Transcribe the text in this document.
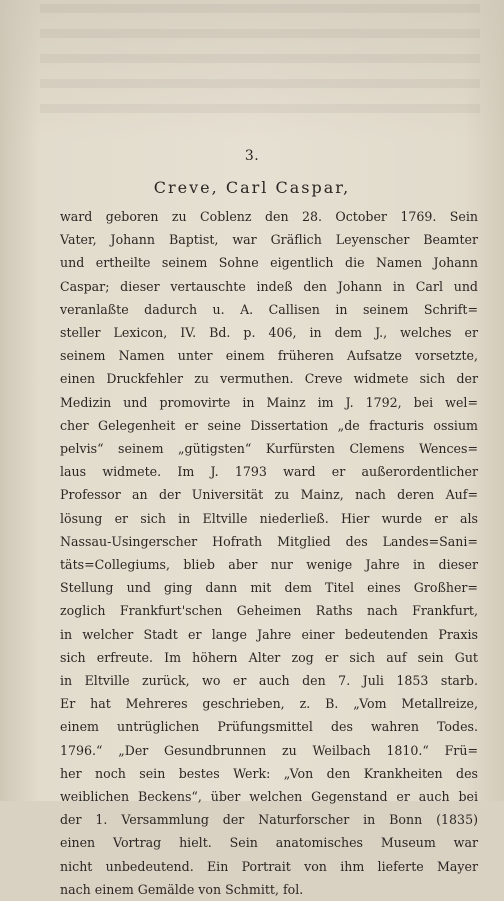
3.
Creve, Carl Caspar,
ward geboren zu Coblenz den 28. October 1769. Sein
Vater, Johann Baptist, war Gräflich Leyenscher Beamter
und ertheilte seinem Sohne eigentlich die Namen Johann
Caspar; dieser vertauschte indeß den Johann in Carl und
veranlaßte dadurch u. A. Callisen in seinem Schrift=
steller Lexicon, IV. Bd. p. 406, in dem J., welches er
seinem Namen unter einem früheren Aufsatze vorsetzte,
einen Druckfehler zu vermuthen. Creve widmete sich der
Medizin und promovirte in Mainz im J. 1792, bei wel=
cher Gelegenheit er seine Dissertation „de fracturis ossium
pelvis“ seinem „gütigsten“ Kurfürsten Clemens Wences=
laus widmete. Im J. 1793 ward er außerordentlicher
Professor an der Universität zu Mainz, nach deren Auf=
lösung er sich in Eltville niederließ. Hier wurde er als
Nassau-Usingerscher Hofrath Mitglied des Landes=Sani=
täts=Collegiums, blieb aber nur wenige Jahre in dieser
Stellung und ging dann mit dem Titel eines Großher=
zoglich Frankfurt'schen Geheimen Raths nach Frankfurt,
in welcher Stadt er lange Jahre einer bedeutenden Praxis
sich erfreute. Im höhern Alter zog er sich auf sein Gut
in Eltville zurück, wo er auch den 7. Juli 1853 starb.
Er hat Mehreres geschrieben, z. B. „Vom Metallreize,
einem untrüglichen Prüfungsmittel des wahren Todes.
1796.“ „Der Gesundbrunnen zu Weilbach 1810.“ Frü=
her noch sein bestes Werk: „Von den Krankheiten des
weiblichen Beckens“, über welchen Gegenstand er auch bei
der 1. Versammlung der Naturforscher in Bonn (1835)
einen Vortrag hielt. Sein anatomisches Museum war
nicht unbedeutend. Ein Portrait von ihm lieferte Mayer
nach einem Gemälde von Schmitt, fol.
